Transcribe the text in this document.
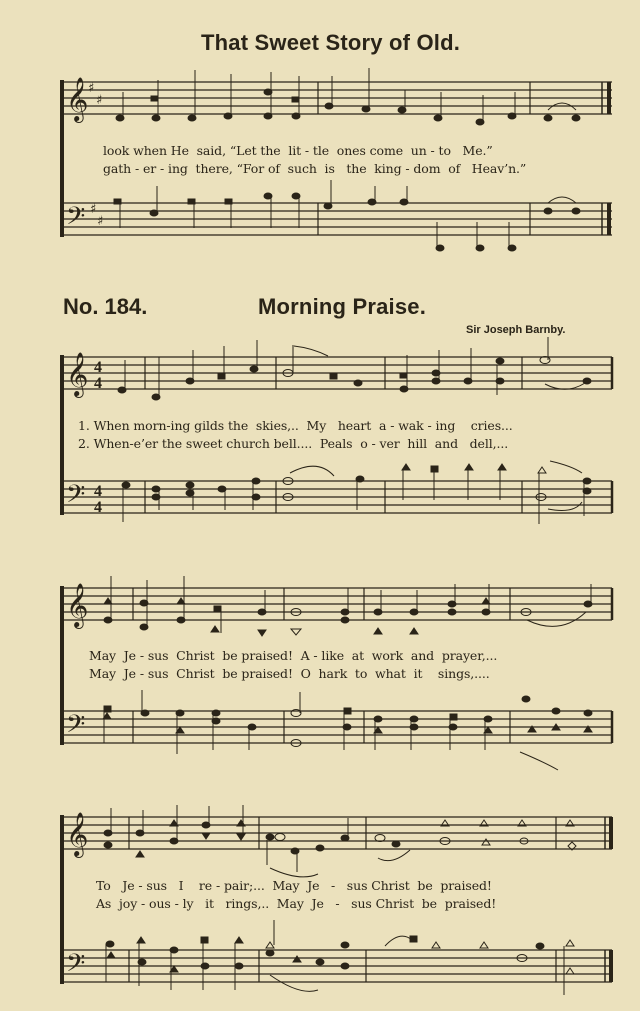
That Sweet Story of Old.
𝄞 ♯
♯
𝄢 ♯
♯
𝄞 4
4
𝄢 4
4
𝄞
𝄢
𝄞
𝄢
look when He  said, “Let the  lit - tle  ones come  un - to   Me.”
gath - er - ing  there, “For of  such  is   the  king - dom  of   Heav’n.”
No. 184.	Morning Praise.
Sir Joseph Barnby.
1. When morn-ing gilds the  skies,..  My   heart  a - wak - ing    cries...
2. When-e’er the sweet church bell....  Peals  o - ver  hill  and   dell,...
May  Je - sus  Christ  be praised!  A - like  at  work  and  prayer,...
May  Je - sus  Christ  be praised!  O  hark  to  what  it    sings,....
To   Je - sus   I    re - pair;...  May  Je   -   sus Christ  be  praised!
As  joy - ous - ly   it   rings,..  May  Je   -   sus Christ  be  praised!
